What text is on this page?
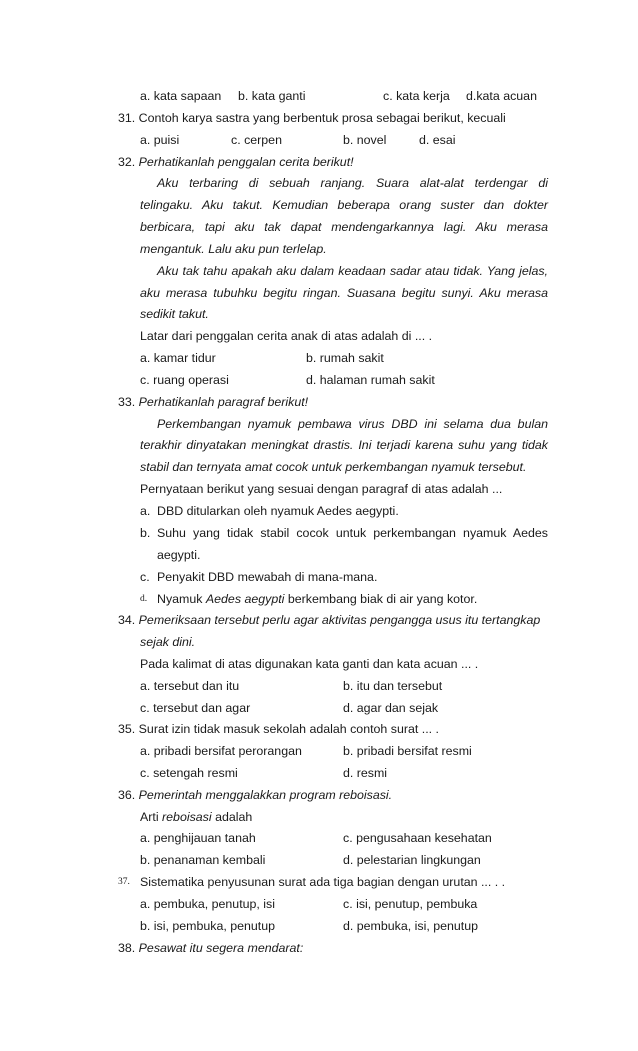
a. kata sapaan b. kata ganti	c. kata kerja d.kata acuan
31. Contoh karya sastra yang berbentuk prosa sebagai berikut, kecuali
a. puisi	c. cerpen	b. novel	d. esai
32. Perhatikanlah penggalan cerita berikut!
Aku terbaring di sebuah ranjang. Suara alat-alat terdengar di
telingaku. Aku takut. Kemudian beberapa orang suster dan dokter
berbicara, tapi aku tak dapat mendengarkannya lagi. Aku merasa
mengantuk. Lalu aku pun terlelap.
Aku tak tahu apakah aku dalam keadaan sadar atau tidak. Yang jelas,
aku merasa tubuhku begitu ringan. Suasana begitu sunyi. Aku merasa
sedikit takut.
Latar dari penggalan cerita anak di atas adalah di ... .
a. kamar tidur	b. rumah sakit
c. ruang operasi	d. halaman rumah sakit
33. Perhatikanlah paragraf berikut!
Perkembangan nyamuk pembawa virus DBD ini selama dua bulan
terakhir dinyatakan meningkat drastis. Ini terjadi karena suhu yang tidak
stabil dan ternyata amat cocok untuk perkembangan nyamuk tersebut.
Pernyataan berikut yang sesuai dengan paragraf di atas adalah ...
a. DBD ditularkan oleh nyamuk Aedes aegypti.
b. Suhu yang tidak stabil cocok untuk perkembangan nyamuk Aedes
aegypti.
c. Penyakit DBD mewabah di mana-mana.
d. Nyamuk Aedes aegypti berkembang biak di air yang kotor.
34. Pemeriksaan tersebut perlu agar aktivitas pengangga usus itu tertangkap
sejak dini.
Pada kalimat di atas digunakan kata ganti dan kata acuan ... .
a. tersebut dan itu	b. itu dan tersebut
c. tersebut dan agar	d. agar dan sejak
35. Surat izin tidak masuk sekolah adalah contoh surat ... .
a. pribadi bersifat perorangan	b. pribadi bersifat resmi
c. setengah resmi	d. resmi
36. Pemerintah menggalakkan program reboisasi.
Arti reboisasi adalah
a. penghijauan tanah	c. pengusahaan kesehatan
b. penanaman kembali	d. pelestarian lingkungan
37. Sistematika penyusunan surat ada tiga bagian dengan urutan ... . .
a. pembuka, penutup, isi	c. isi, penutup, pembuka
b. isi, pembuka, penutup	d. pembuka, isi, penutup
38. Pesawat itu segera mendarat:
